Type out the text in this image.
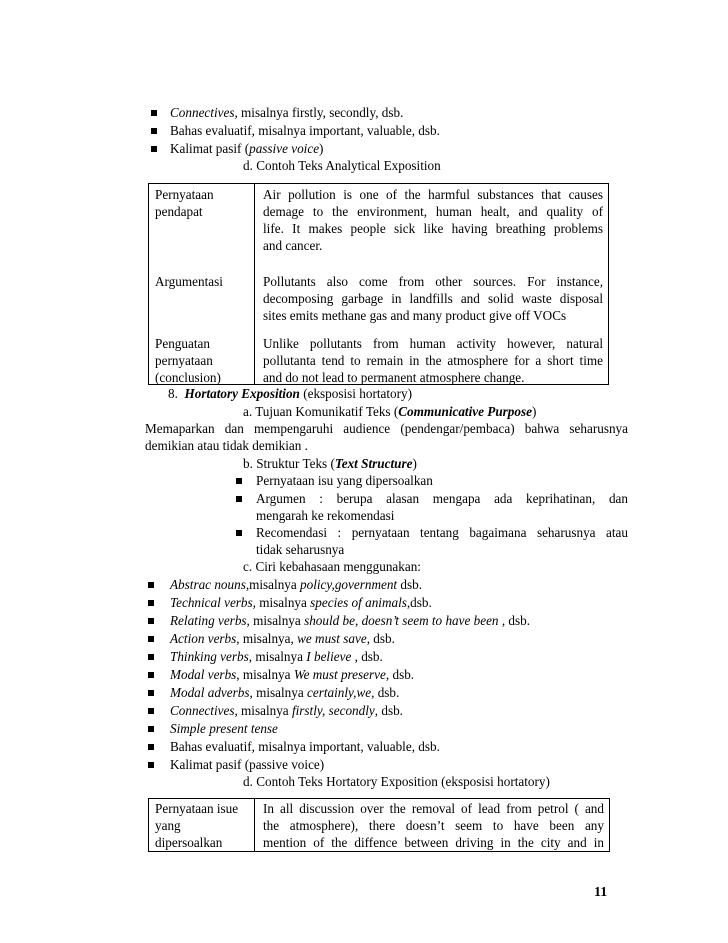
Connectives, misalnya firstly, secondly, dsb.
Bahas evaluatif, misalnya important, valuable, dsb.
Kalimat pasif (passive voice)
d. Contoh Teks Analytical Exposition
Pernyataan
pendapat
Air pollution is one of the harmful substances that causes
demage to the environment, human healt, and quality of
life. It makes people sick like having breathing problems
and cancer.
Argumentasi	Pollutants also come from other sources. For instance,
decomposing garbage in landfills and solid waste disposal
sites emits methane gas and many product give off VOCs
Penguatan
pernyataan
(conclusion)
Unlike pollutants from human activity however, natural
pollutanta tend to remain in the atmosphere for a short time
and do not lead to permanent atmosphere change.
8. Hortatory Exposition (eksposisi hortatory)
a. Tujuan Komunikatif Teks (Communicative Purpose)
Memaparkan dan mempengaruhi audience (pendengar/pembaca) bahwa seharusnya
demikian atau tidak demikian .
b. Struktur Teks (Text Structure)
Pernyataan isu yang dipersoalkan
Argumen : berupa alasan mengapa ada keprihatinan, dan
mengarah ke rekomendasi
Recomendasi : pernyataan tentang bagaimana seharusnya atau
tidak seharusnya
c. Ciri kebahasaan menggunakan:
Abstrac nouns,misalnya policy,government dsb.
Technical verbs, misalnya species of animals,dsb.
Relating verbs, misalnya should be, doesn’t seem to have been , dsb.
Action verbs, misalnya, we must save, dsb.
Thinking verbs, misalnya I believe , dsb.
Modal verbs, misalnya We must preserve, dsb.
Modal adverbs, misalnya certainly,we, dsb.
Connectives, misalnya firstly, secondly, dsb.
Simple present tense
Bahas evaluatif, misalnya important, valuable, dsb.
Kalimat pasif (passive voice)
d. Contoh Teks Hortatory Exposition (eksposisi hortatory)
Pernyataan isue
yang
dipersoalkan
In all discussion over the removal of lead from petrol ( and
the atmosphere), there doesn’t seem to have been any
mention of the diffence between driving in the city and in
11
